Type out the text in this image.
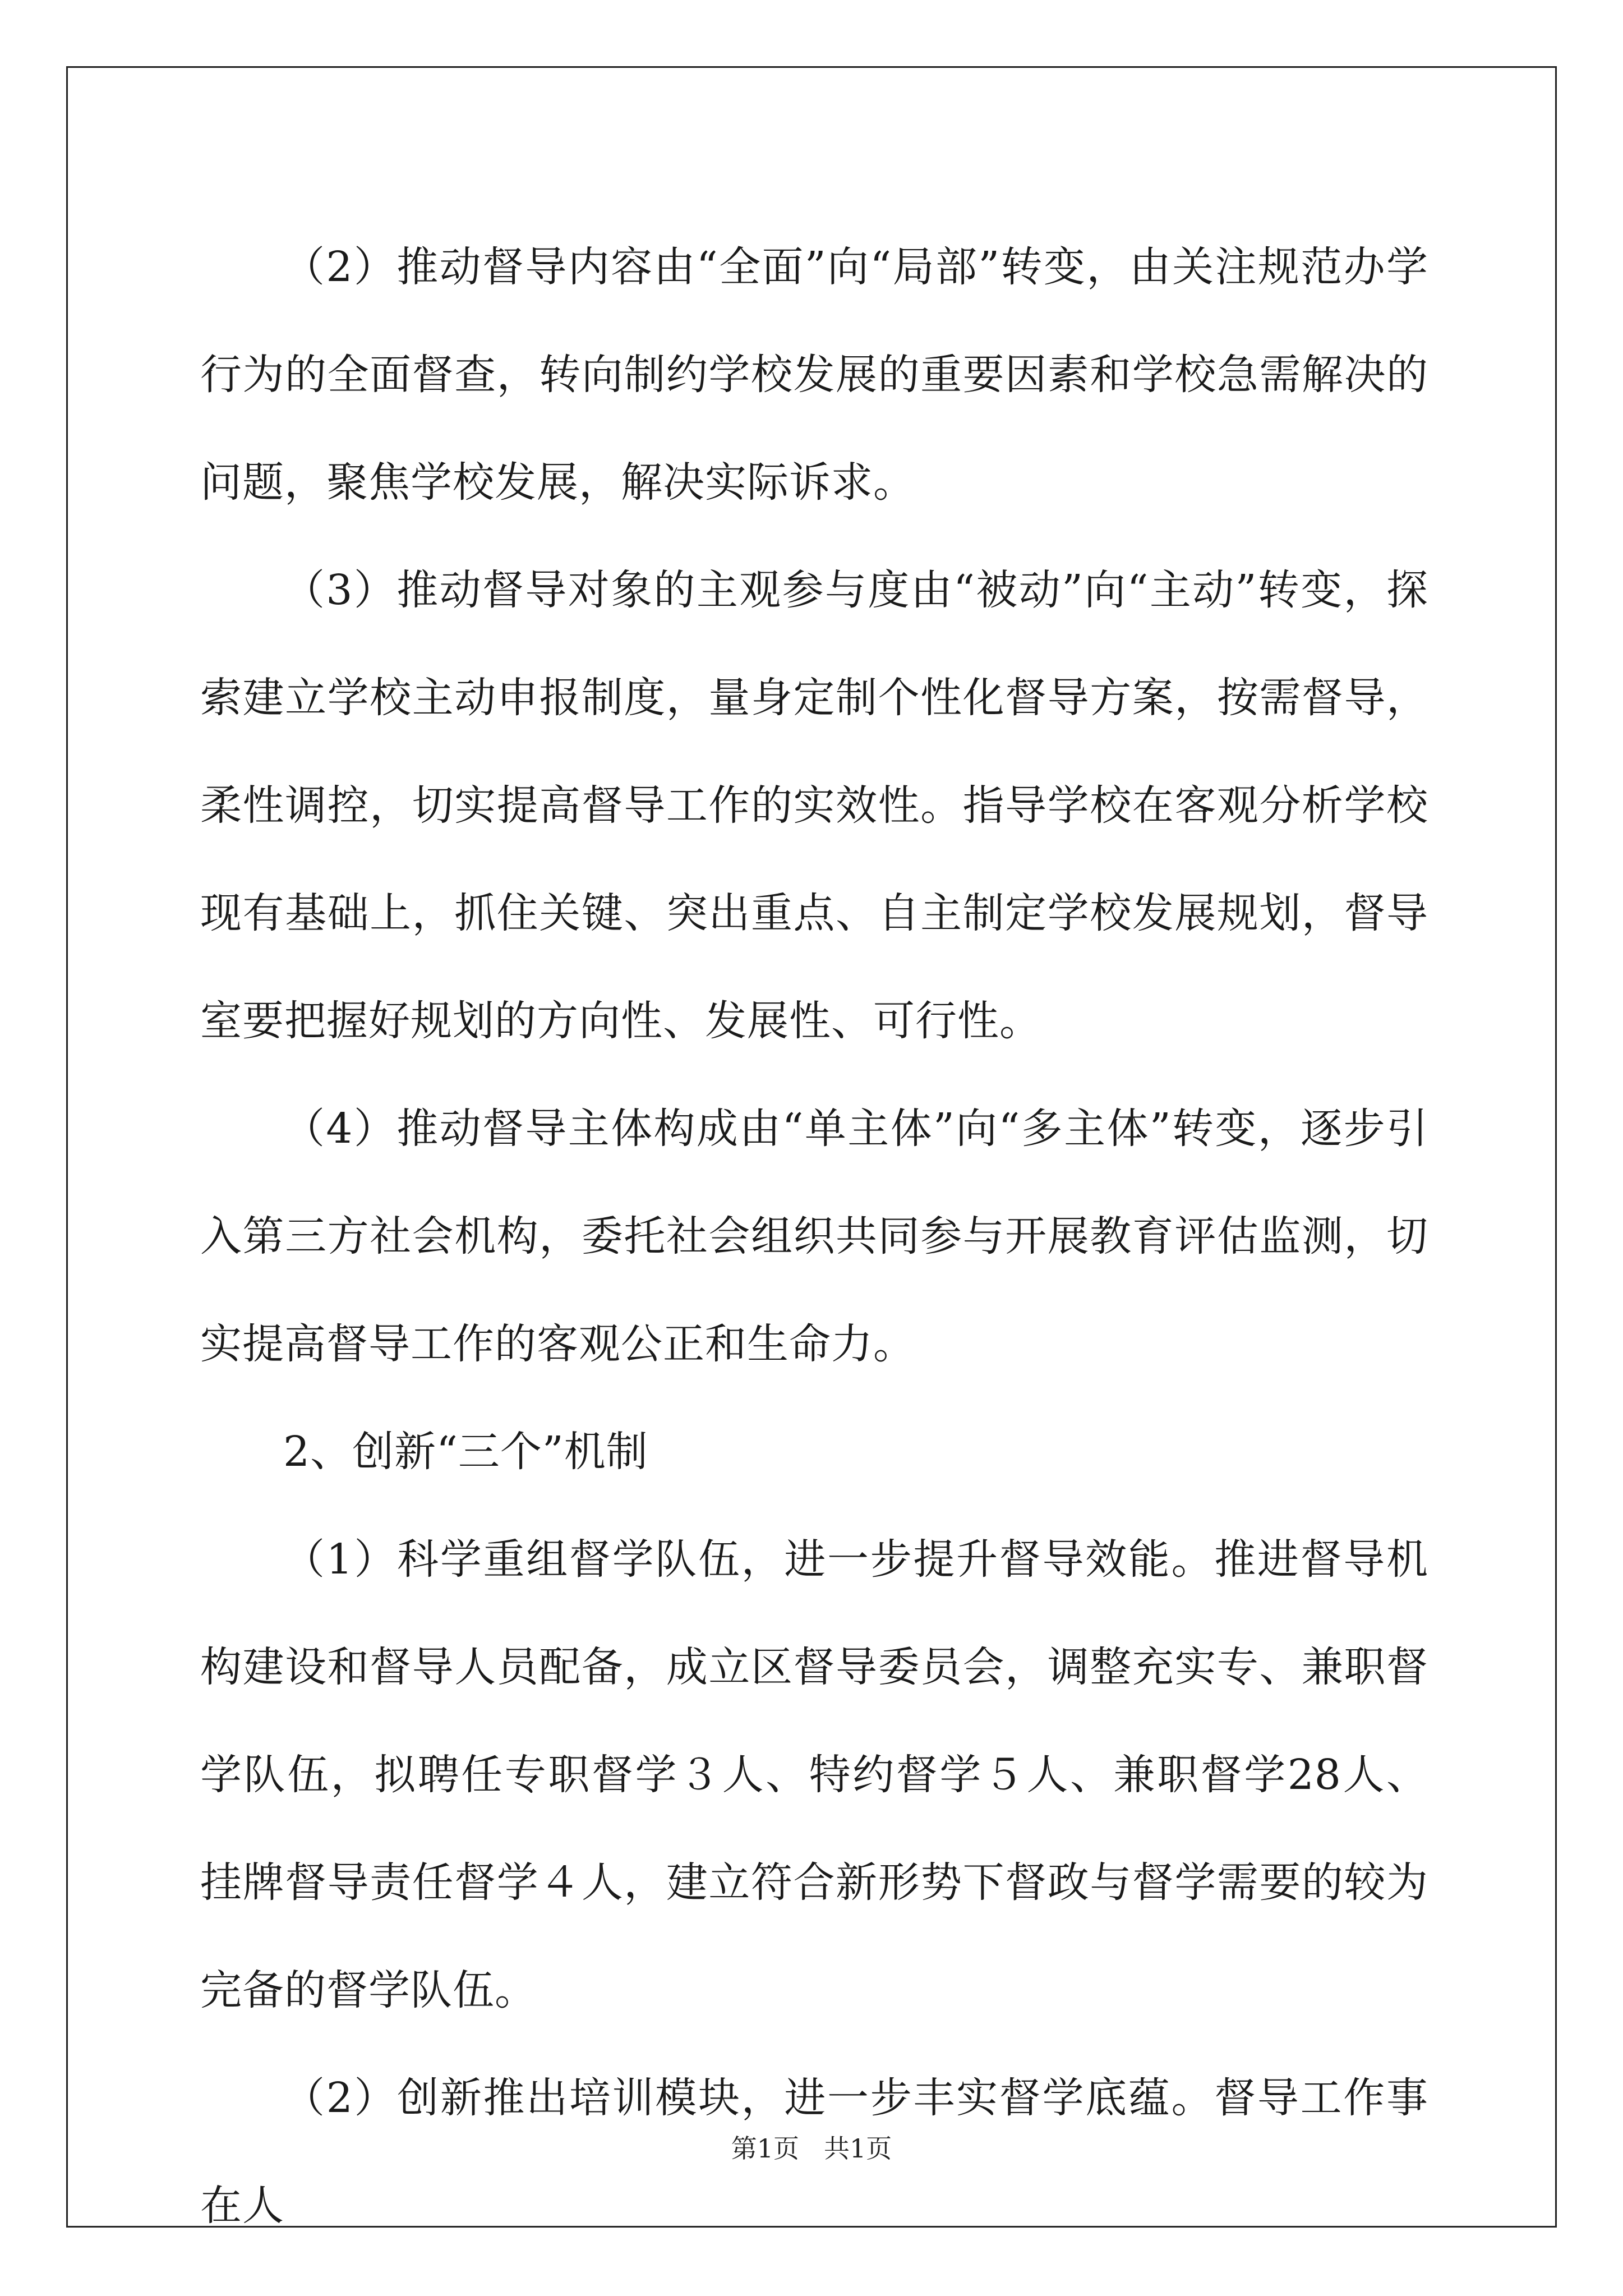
（2）推动督导内容由“全面”向“局部”转变，由关注规范办学行为的全面督查，转向制约学校发展的重要因素和学校急需解决的问题，聚焦学校发展，解决实际诉求。

（3）推动督导对象的主观参与度由“被动”向“主动”转变，探索建立学校主动申报制度，量身定制个性化督导方案，按需督导，柔性调控，切实提高督导工作的实效性。指导学校在客观分析学校现有基础上，抓住关键、突出重点、自主制定学校发展规划，督导室要把握好规划的方向性、发展性、可行性。

（4）推动督导主体构成由“单主体”向“多主体”转变，逐步引入第三方社会机构，委托社会组织共同参与开展教育评估监测，切实提高督导工作的客观公正和生命力。

2、创新“三个”机制

（1）科学重组督学队伍，进一步提升督导效能。推进督导机构建设和督导人员配备，成立区督导委员会，调整充实专、兼职督学队伍，拟聘任专职督学３人、特约督学５人、兼职督学28人、挂牌督导责任督学４人，建立符合新形势下督政与督学需要的较为完备的督学队伍。

（2）创新推出培训模块，进一步丰实督学底蕴。督导工作事在人

第1页 共1页
